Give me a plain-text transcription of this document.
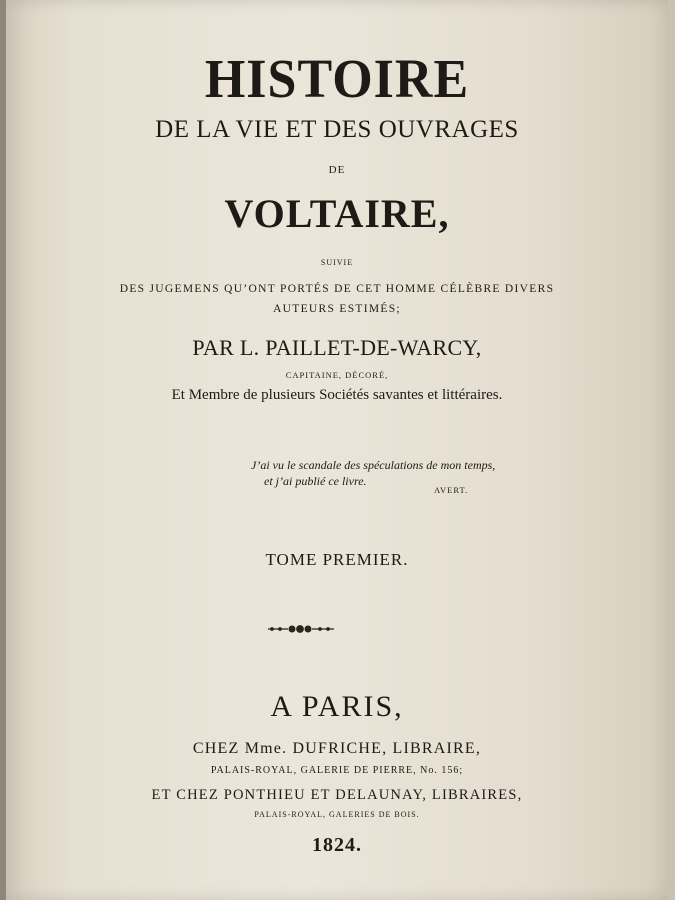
HISTOIRE
DE LA VIE ET DES OUVRAGES
DE
VOLTAIRE,
SUIVIE
DES JUGEMENS QU’ONT PORTÉS DE CET HOMME CÉLÈBRE DIVERS
AUTEURS ESTIMÉS;
PAR L. PAILLET-DE-WARCY,
CAPITAINE, DÉCORÉ,
Et Membre de plusieurs Sociétés savantes et littéraires.
J’ai vu le scandale des spéculations de mon temps,
et j’ai publié ce livre.
AVERT.
TOME PREMIER.
A PARIS,
CHEZ Mme. DUFRICHE, LIBRAIRE,
PALAIS-ROYAL, GALERIE DE PIERRE, No. 156;
ET CHEZ PONTHIEU ET DELAUNAY, LIBRAIRES,
PALAIS-ROYAL, GALERIES DE BOIS.
1824.
